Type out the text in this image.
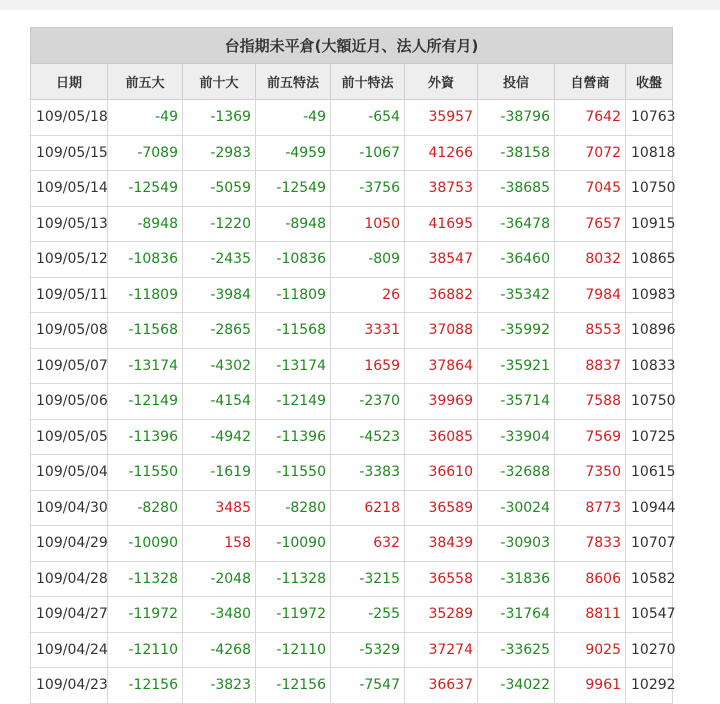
台指期未平倉(大額近月、法人所有月)								
日期	前五大	前十大	前五特法	前十特法	外資	投信	自營商	收盤
109/05/18	-49	-1369	-49	-654	35957	-38796	7642	10763
109/05/15	-7089	-2983	-4959	-1067	41266	-38158	7072	10818
109/05/14	-12549	-5059	-12549	-3756	38753	-38685	7045	10750
109/05/13	-8948	-1220	-8948	1050	41695	-36478	7657	10915
109/05/12	-10836	-2435	-10836	-809	38547	-36460	8032	10865
109/05/11	-11809	-3984	-11809	26	36882	-35342	7984	10983
109/05/08	-11568	-2865	-11568	3331	37088	-35992	8553	10896
109/05/07	-13174	-4302	-13174	1659	37864	-35921	8837	10833
109/05/06	-12149	-4154	-12149	-2370	39969	-35714	7588	10750
109/05/05	-11396	-4942	-11396	-4523	36085	-33904	7569	10725
109/05/04	-11550	-1619	-11550	-3383	36610	-32688	7350	10615
109/04/30	-8280	3485	-8280	6218	36589	-30024	8773	10944
109/04/29	-10090	158	-10090	632	38439	-30903	7833	10707
109/04/28	-11328	-2048	-11328	-3215	36558	-31836	8606	10582
109/04/27	-11972	-3480	-11972	-255	35289	-31764	8811	10547
109/04/24	-12110	-4268	-12110	-5329	37274	-33625	9025	10270
109/04/23	-12156	-3823	-12156	-7547	36637	-34022	9961	10292
